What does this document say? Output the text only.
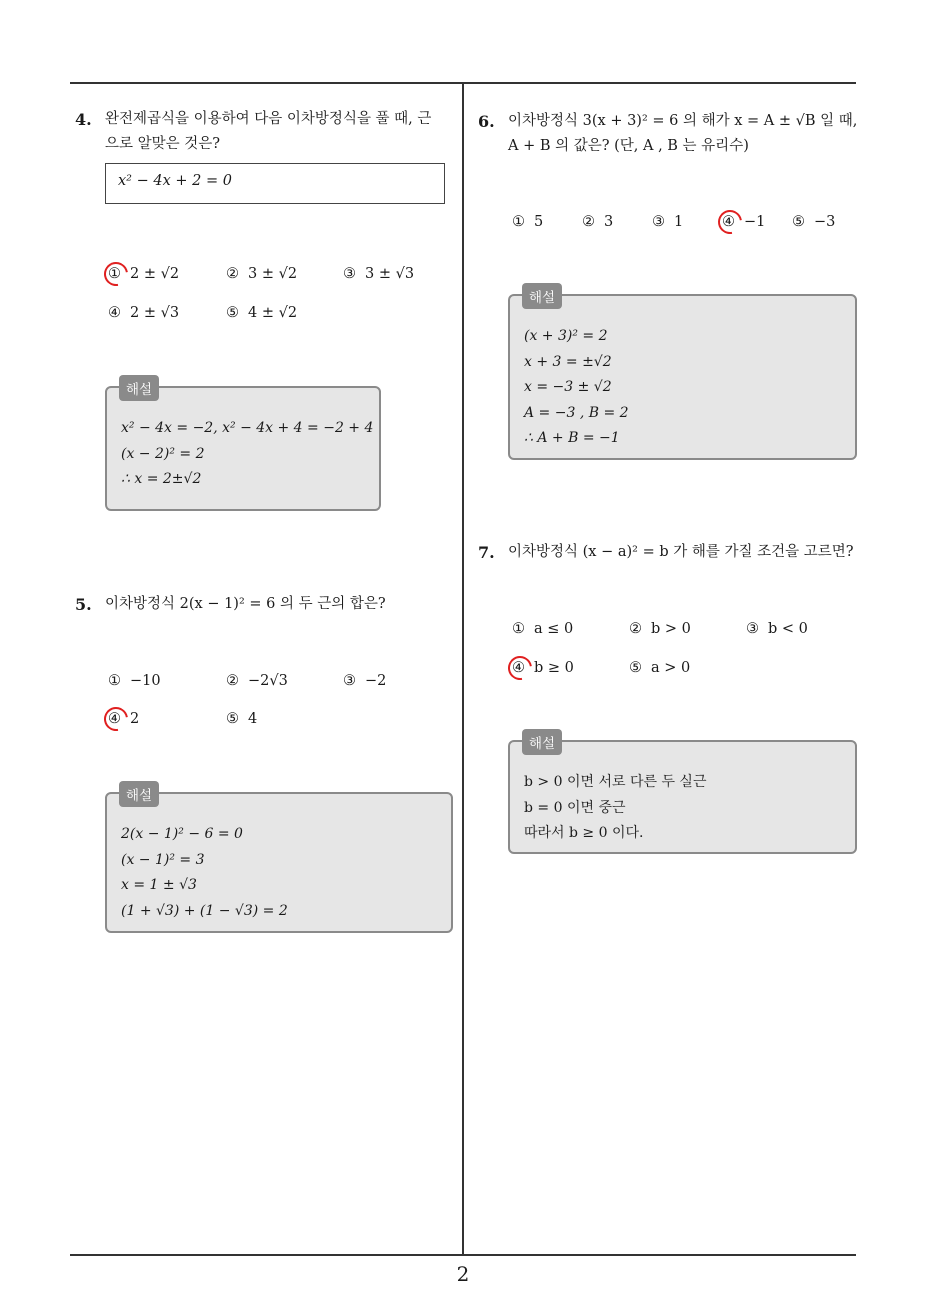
2
4. 완전제곱식을 이용하여 다음 이차방정식을 풀 때, 근
으로 알맞은 것은?
x² − 4x + 2 = 0
① 2 ± √2	② 3 ± √2	③ 3 ± √3
④ 2 ± √3	⑤ 4 ± √2
해설
x² − 4x = −2, x² − 4x + 4 = −2 + 4
(x − 2)² = 2
∴ x = 2±√2
5. 이차방정식 2(x − 1)² = 6 의 두 근의 합은?
① −10	② −2√3	③ −2
④ 2	⑤ 4
해설
2(x − 1)² − 6 = 0
(x − 1)² = 3
x = 1 ± √3
(1 + √3) + (1 − √3) = 2
6. 이차방정식 3(x + 3)² = 6 의 해가 x = A ± √B 일 때,
A + B 의 값은? (단, A , B 는 유리수)
① 5	② 3	③ 1	④ −1 ⑤ −3
해설
(x + 3)² = 2
x + 3 = ±√2
x = −3 ± √2
A = −3 , B = 2
∴ A + B = −1
7. 이차방정식 (x − a)² = b 가 해를 가질 조건을 고르면?
① a ≤ 0	② b > 0	③ b < 0
④ b ≥ 0	⑤ a > 0
해설
b > 0 이면 서로 다른 두 실근
b = 0 이면 중근
따라서 b ≥ 0 이다.
